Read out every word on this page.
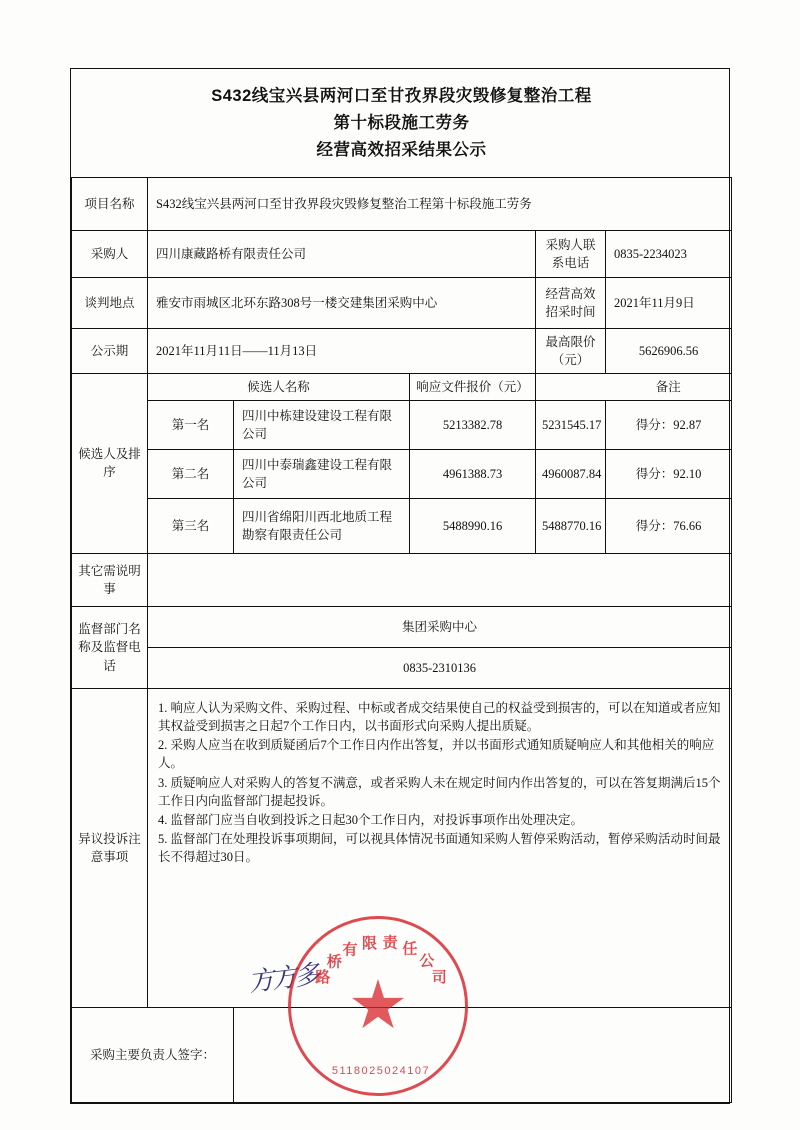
S432线宝兴县两河口至甘孜界段灾毁修复整治工程
第十标段施工劳务
经营高效招采结果公示					

项目名称	S432线宝兴县两河口至甘孜界段灾毁修复整治工程第十标段施工劳务				
采购人	四川康藏路桥有限责任公司			采购人联系电话	0835-2234023
谈判地点	雅安市雨城区北环东路308号一楼交建集团采购中心			经营高效招采时间	2021年11月9日
公示期	2021年11月11日——11月13日			最高限价（元）	5626906.56
候选人及排序	候选人名称		响应文件报价（元）		备注
	第一名	四川中栋建设建设工程有限公司	5213382.78	5231545.17	得分：92.87
	第二名	四川中泰瑞鑫建设工程有限公司	4961388.73	4960087.84	得分：92.10
	第三名	四川省绵阳川西北地质工程勘察有限责任公司	5488990.16	5488770.16	得分：76.66
其它需说明事					
监督部门名称及监督电话	集团采购中心				
	0835-2310136				
异议投诉注意事项	1. 响应人认为采购文件、采购过程、中标或者成交结果使自己的权益受到损害的，可以在知道或者应知其权益受到损害之日起7个工作日内，以书面形式向采购人提出质疑。

2. 采购人应当在收到质疑函后7个工作日内作出答复，并以书面形式通知质疑响应人和其他相关的响应人。

3. 质疑响应人对采购人的答复不满意，或者采购人未在规定时间内作出答复的，可以在答复期满后15个工作日内向监督部门提起投诉。

4. 监督部门应当自收到投诉之日起30个工作日内，对投诉事项作出处理决定。

5. 监督部门在处理投诉事项期间，可以视具体情况书面通知采购人暂停采购活动，暂停采购活动时间最长不得超过30日。				

采购主要负责人签字：					
方方多
路
桥
有 限 责 任
公
司
5118025024107
